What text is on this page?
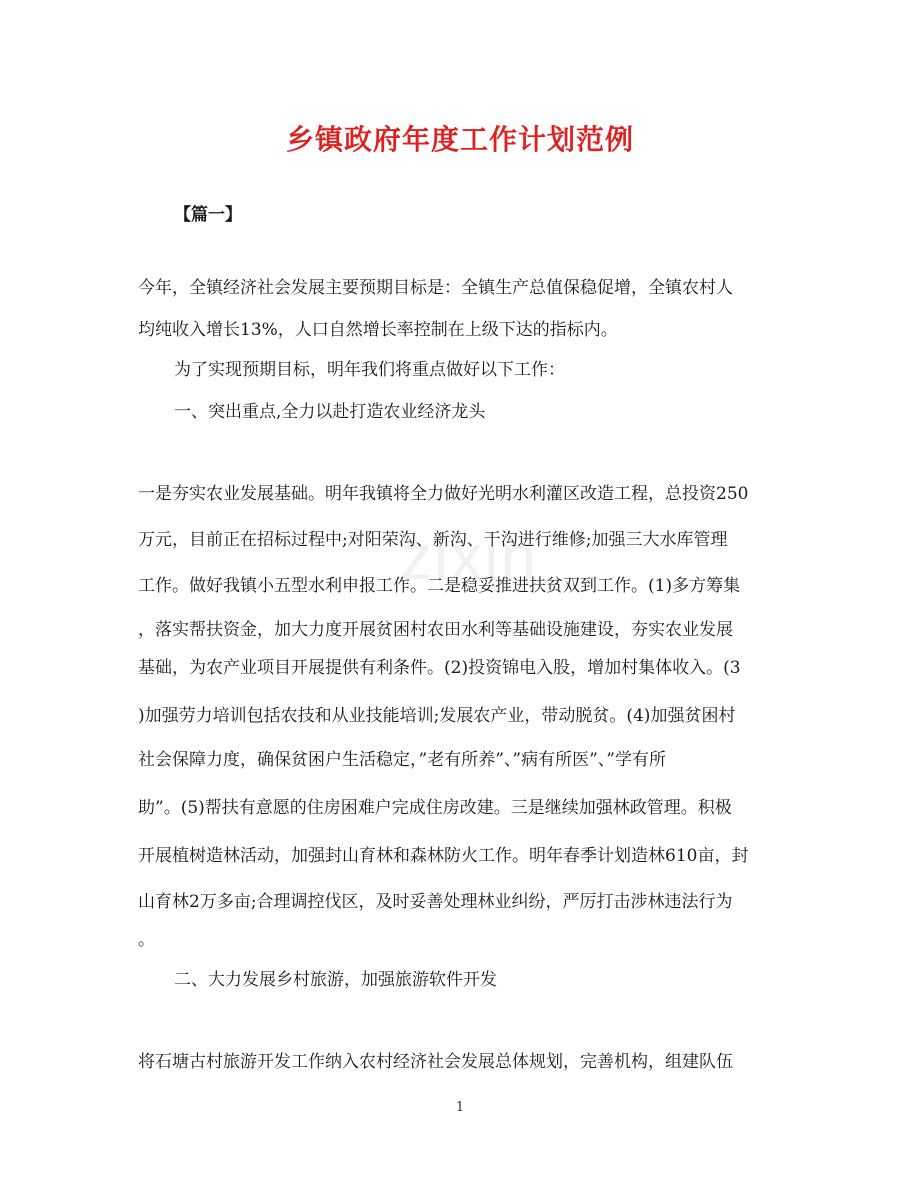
zixin
乡镇政府年度工作计划范例

【篇一】

今年，全镇经济社会发展主要预期目标是：全镇生产总值保稳促增，全镇农村人

均纯收入增长13%，人口自然增长率控制在上级下达的指标内。

为了实现预期目标，明年我们将重点做好以下工作：

一、突出重点,全力以赴打造农业经济龙头

一是夯实农业发展基础。明年我镇将全力做好光明水利灌区改造工程，总投资250

万元，目前正在招标过程中;对阳荣沟、新沟、干沟进行维修;加强三大水库管理

工作。做好我镇小五型水利申报工作。二是稳妥推进扶贫双到工作。(1)多方筹集

，落实帮扶资金，加大力度开展贫困村农田水利等基础设施建设，夯实农业发展

基础，为农产业项目开展提供有利条件。(2)投资锦电入股，增加村集体收入。(3

)加强劳力培训包括农技和从业技能培训;发展农产业，带动脱贫。(4)加强贫困村

社会保障力度，确保贫困户生活稳定，”老有所养”、”病有所医”、”学有所

助”。(5)帮扶有意愿的住房困难户完成住房改建。三是继续加强林政管理。积极

开展植树造林活动，加强封山育林和森林防火工作。明年春季计划造林610亩，封

山育林2万多亩;合理调控伐区，及时妥善处理林业纠纷，严厉打击涉林违法行为

。

二、大力发展乡村旅游，加强旅游软件开发

将石塘古村旅游开发工作纳入农村经济社会发展总体规划，完善机构，组建队伍

1
